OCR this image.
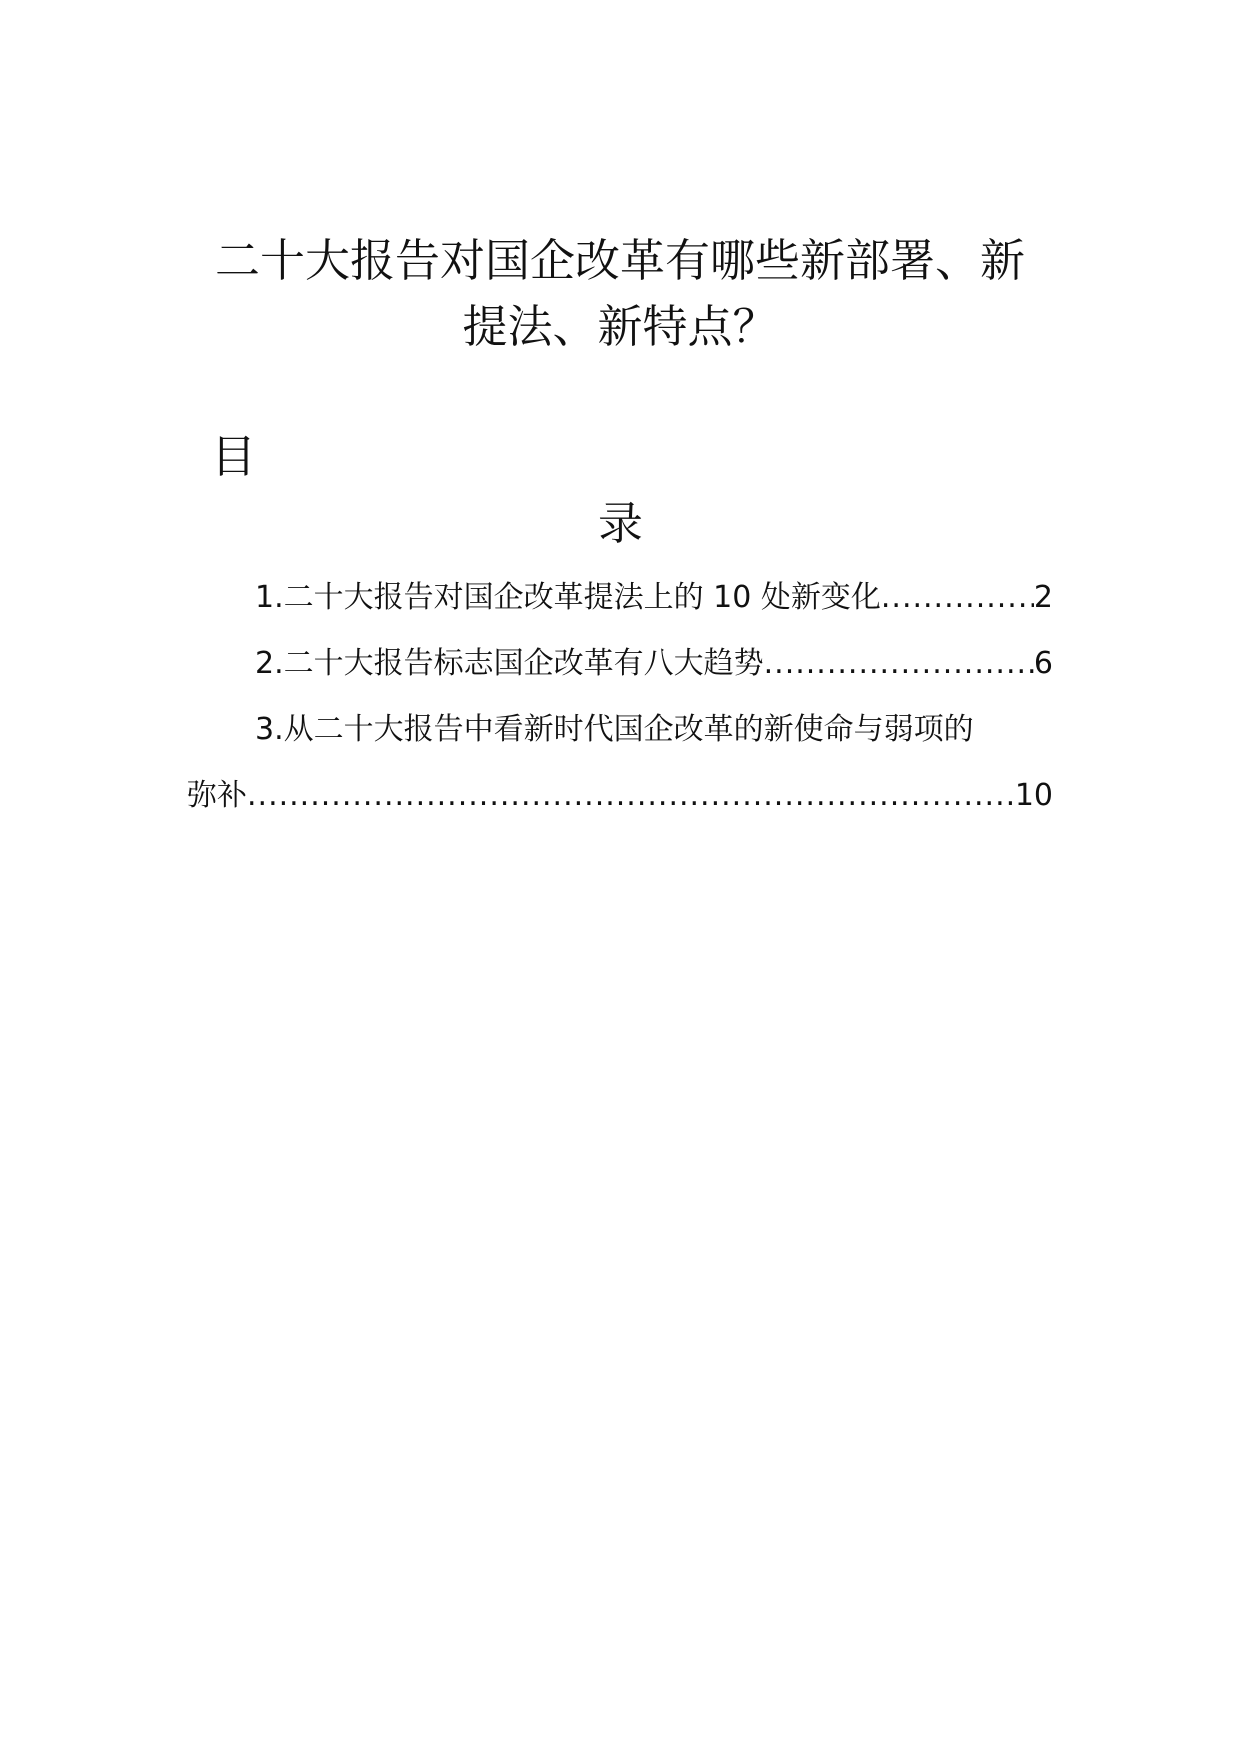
二十大报告对国企改革有哪些新部署、新
提法、新特点？
目
录
1.二十大报告对国企改革提法上的 10 处新变化 .....	2
2.二十大报告标志国企改革有八大趋势 .....	6
3.从二十大报告中看新时代国企改革的新使命与弱项的
弥补 .....	10
